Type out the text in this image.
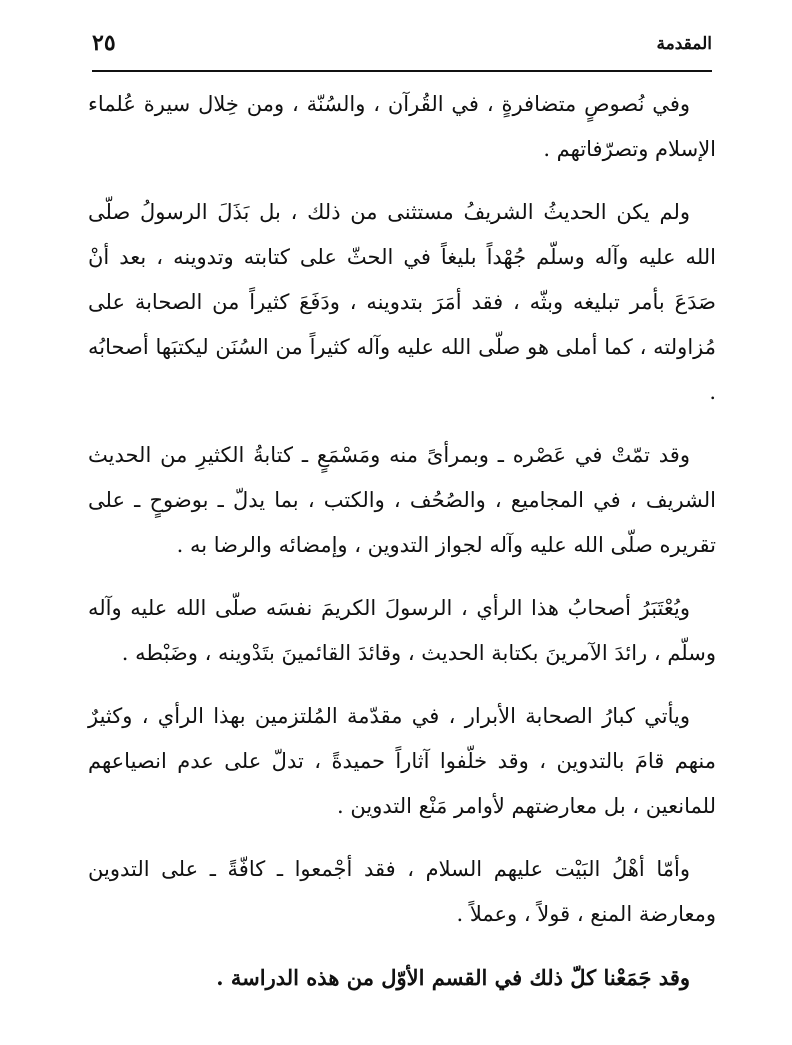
المقدمة
٢٥

وفي نُصوصٍ متضافرةٍ ، في القُرآن ، والسُنّة ، ومن خِلال سيرة عُلماء الإسلام وتصرّفاتهم .

ولم يكن الحديثُ الشريفُ مستثنى من ذلك ، بل بَذَلَ الرسولُ صلّى الله عليه وآله وسلّم جُهْداً بليغاً في الحثّ على كتابته وتدوينه ، بعد أنْ صَدَعَ بأمر تبليغه وبثّه ، فقد أمَرَ بتدوينه ، ودَفَعَ كثيراً من الصحابة على مُزاولته ، كما أملى هو صلّى الله عليه وآله كثيراً من السُنَن ليكتبَها أصحابُه .

وقد تمّتْ في عَصْره ـ وبمرأىً منه ومَسْمَعٍ ـ كتابةُ الكثيرِ من الحديث الشريف ، في المجاميع ، والصُحُف ، والكتب ، بما يدلّ ـ بوضوحٍ ـ على تقريره صلّى الله عليه وآله لجواز التدوين ، وإمضائه والرضا به .

ويُعْتَبَرُ أصحابُ هذا الرأي ، الرسولَ الكريمَ نفسَه صلّى الله عليه وآله وسلّم ، رائدَ الآمرينَ بكتابة الحديث ، وقائدَ القائمينَ بتَدْوينه ، وضَبْطه .

ويأتي كبارُ الصحابة الأبرار ، في مقدّمة المُلتزمين بهذا الرأي ، وكثيرٌ منهم قامَ بالتدوين ، وقد خلّفوا آثاراً حميدةً ، تدلّ على عدم انصياعهم للمانعين ، بل معارضتهم لأوامر مَنْع التدوين .

وأمّا أهْلُ البَيْت عليهم السلام ، فقد أجْمعوا ـ كافّةً ـ على التدوين ومعارضة المنع ، قولاً ، وعملاً .

وقد جَمَعْنا كلّ ذلك في القسم الأوّل من هذه الدراسة .
